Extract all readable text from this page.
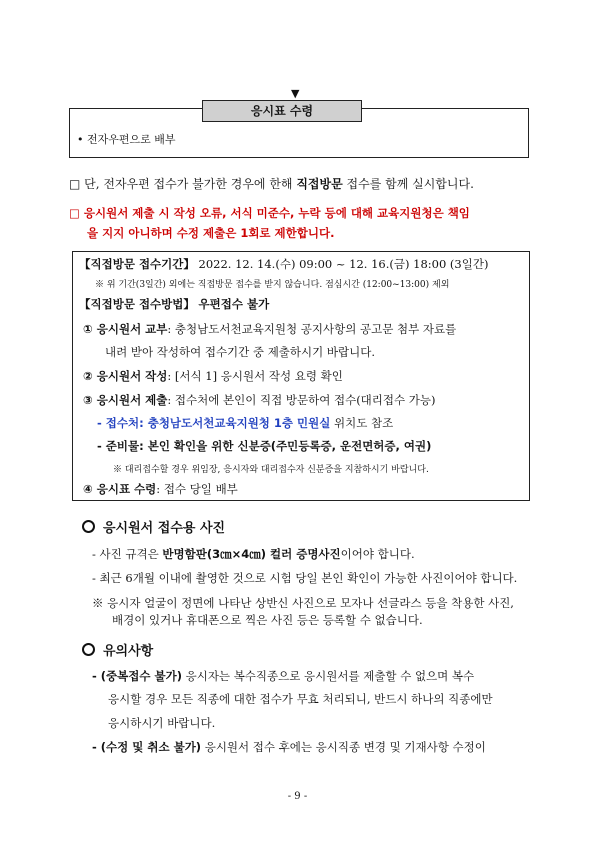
▼
응시표 수령
• 전자우편으로 배부
□ 단, 전자우편 접수가 불가한 경우에 한해 직접방문 접수를 함께 실시합니다.
□ 응시원서 제출 시 작성 오류, 서식 미준수, 누락 등에 대해 교육지원청은 책임
을 지지 아니하며 수정 제출은 1회로 제한합니다.
【직접방문 접수기간】 2022. 12. 14.(수) 09:00 ~ 12. 16.(금) 18:00 (3일간)
※ 위 기간(3일간) 외에는 직접방문 접수를 받지 않습니다. 점심시간 (12:00~13:00) 제외
【직접방문 접수방법】 우편접수 불가
① 응시원서 교부: 충청남도서천교육지원청 공지사항의 공고문 첨부 자료를
내려 받아 작성하여 접수기간 중 제출하시기 바랍니다.
② 응시원서 작성: [서식 1] 응시원서 작성 요령 확인
③ 응시원서 제출: 접수처에 본인이 직접 방문하여 접수(대리접수 가능)
- 접수처: 충청남도서천교육지원청 1층 민원실 위치도 참조
- 준비물: 본인 확인을 위한 신분증(주민등록증, 운전면허증, 여권)
※ 대리접수할 경우 위임장, 응시자와 대리접수자 신분증을 지참하시기 바랍니다.
④ 응시표 수령: 접수 당일 배부
응시원서 접수용 사진
- 사진 규격은 반명함판(3㎝×4㎝) 컬러 증명사진이어야 합니다.
- 최근 6개월 이내에 촬영한 것으로 시험 당일 본인 확인이 가능한 사진이어야 합니다.
※ 응시자 얼굴이 정면에 나타난 상반신 사진으로 모자나 선글라스 등을 착용한 사진,
배경이 있거나 휴대폰으로 찍은 사진 등은 등록할 수 없습니다.
유의사항
- (중복접수 불가) 응시자는 복수직종으로 응시원서를 제출할 수 없으며 복수
응시할 경우 모든 직종에 대한 접수가 무효 처리되니, 반드시 하나의 직종에만
응시하시기 바랍니다.
- (수정 및 취소 불가) 응시원서 접수 후에는 응시직종 변경 및 기재사항 수정이
- 9 -
